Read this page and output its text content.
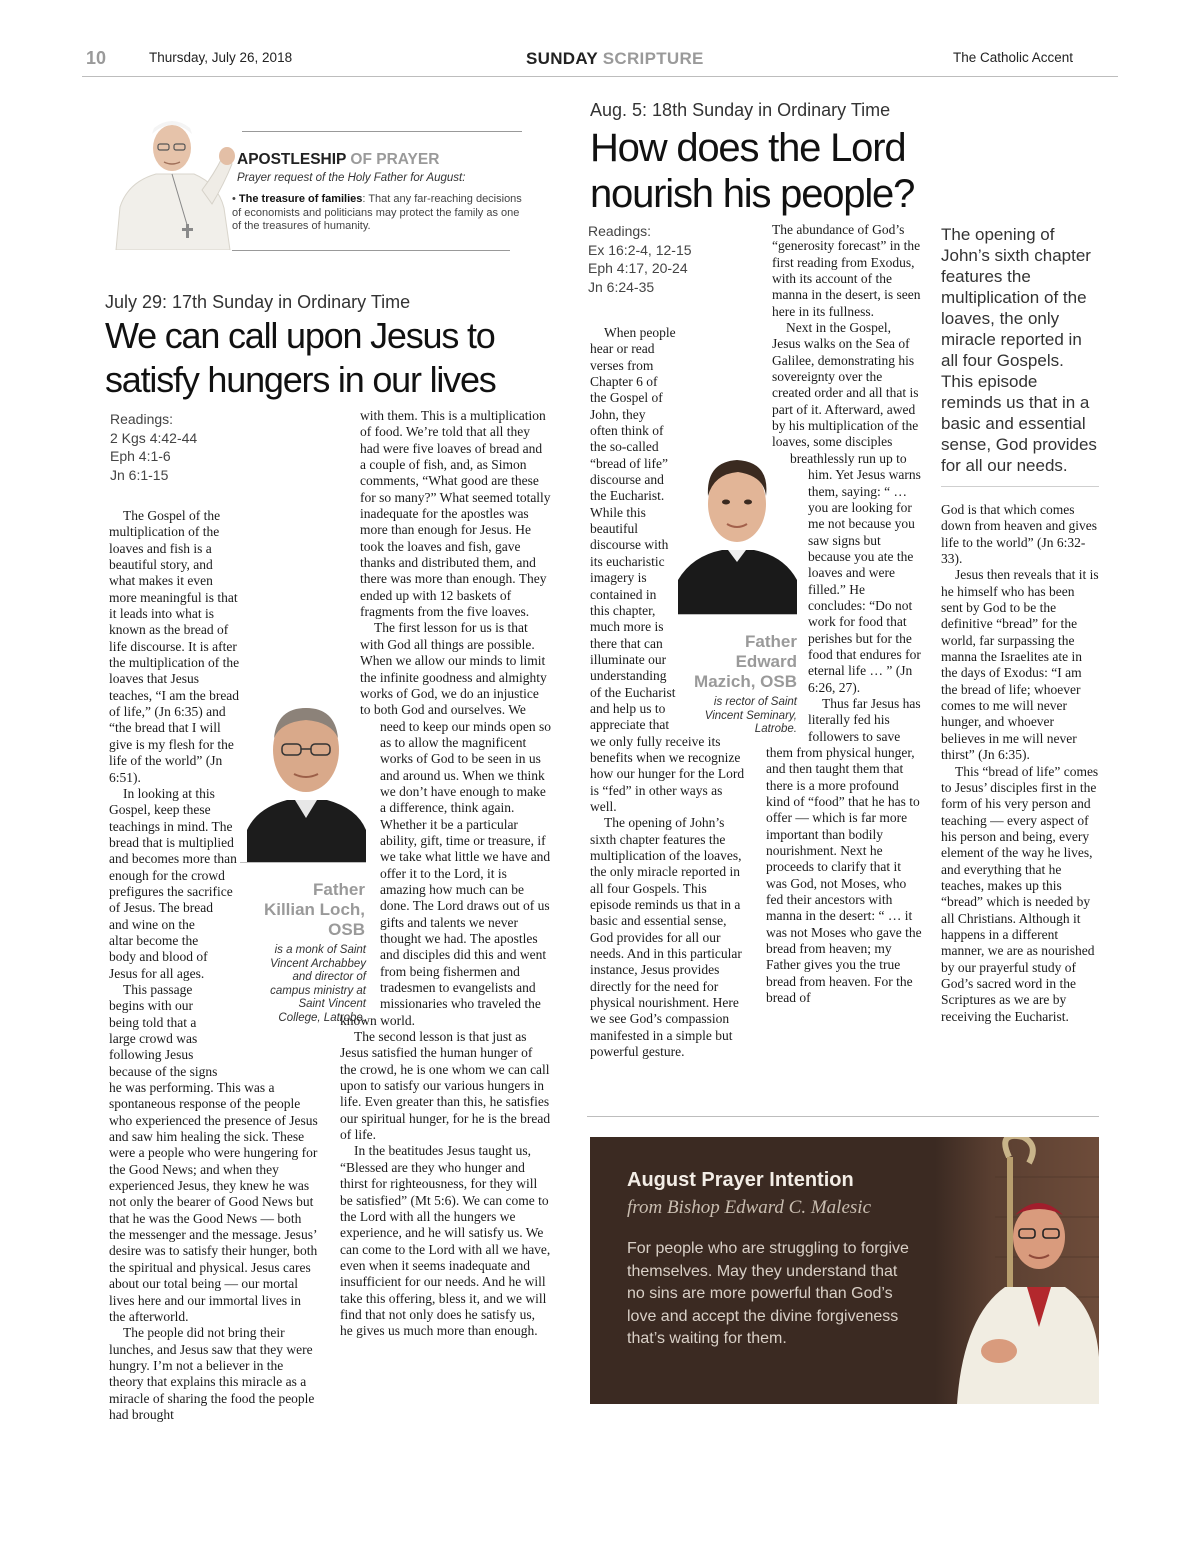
10	Thursday, July 26, 2018	SUNDAY SCRIPTURE	The Catholic Accent
APOSTLESHIP OF PRAYER
Prayer request of the Holy Father for August:
• The treasure of families: That any far-reaching decisions of economists and politicians may protect the family as one of the treasures of humanity.
July 29: 17th Sunday in Ordinary Time
We can call upon Jesus to
satisfy hungers in our lives
Readings:
2 Kgs 4:42-44
Eph 4:1-6
Jn 6:1-15
Father
Killian Loch,
OSB
is a monk of Saint
Vincent Archabbey
and director of
campus ministry at
Saint Vincent
College, Latrobe.

The Gospel of the multiplication of the loaves and fish is a beautiful story, and what makes it even more meaningful is that it leads into what is known as the bread of life discourse. It is after the multiplication of the loaves that Jesus teaches, “I am the bread of life,” (Jn 6:35) and “the bread that I will give is my flesh for the life of the world” (Jn 6:51).

In looking at this Gospel, keep these teachings in mind. The bread that is multiplied and becomes more than enough for the crowd prefigures the sacrifice of Jesus. The bread and wine on the altar become the body and blood of Jesus for all ages.

This passage begins with our being told that a large crowd was following Jesus because of the signs he was performing. This was a spontaneous response of the people who experienced the presence of Jesus and saw him healing the sick. These were a people who were hungering for the Good News; and when they experienced Jesus, they knew he was not only the bearer of Good News but that he was the Good News — both the messenger and the message. Jesus’ desire was to satisfy their hunger, both the spiritual and physical. Jesus cares about our total being — our mortal lives here and our immortal lives in the afterworld.

The people did not bring their lunches, and Jesus saw that they were hungry. I’m not a believer in the theory that explains this miracle as a miracle of sharing the food the people had brought

with them. This is a multiplication of food. We’re told that all they had were five loaves of bread and a couple of fish, and, as Simon comments, “What good are these for so many?” What seemed totally inadequate for the apostles was more than enough for Jesus. He took the loaves and fish, gave thanks and distributed them, and there was more than enough. They ended up with 12 baskets of fragments from the five loaves.

The first lesson for us is that with God all things are possible. When we allow our minds to limit the infinite goodness and almighty works of God, we do an injustice to both God and ourselves. We need to keep our minds open so as to allow the magnificent works of God to be seen in us and around us. When we think we don’t have enough to make a difference, think again. Whether it be a particular ability, gift, time or treasure, if we take what little we have and offer it to the Lord, it is amazing how much can be done. The Lord draws out of us gifts and talents we never thought we had. The apostles and disciples did this and went from being fishermen and tradesmen to evangelists and missionaries who traveled the known world.

The second lesson is that just as Jesus satisfied the human hunger of the crowd, he is one whom we can call upon to satisfy our various hungers in life. Even greater than this, he satisfies our spiritual hunger, for he is the bread of life.

In the beatitudes Jesus taught us, “Blessed are they who hunger and thirst for righteousness, for they will be satisfied” (Mt 5:6). We can come to the Lord with all the hungers we experience, and he will satisfy us. We can come to the Lord with all we have, even when it seems inadequate and insufficient for our needs. And he will take this offering, bless it, and we will find that not only does he satisfy us, he gives us much more than enough.

Aug. 5: 18th Sunday in Ordinary Time
How does the Lord
nourish his people?
Readings:
Ex 16:2-4, 12-15
Eph 4:17, 20-24
Jn 6:24-35
Father
Edward
Mazich, OSB
is rector of Saint
Vincent Seminary,
Latrobe.

When people hear or read verses from Chapter 6 of the Gospel of John, they often think of the so-called “bread of life” discourse and the Eucharist. While this beautiful discourse with its eucharistic imagery is contained in this chapter, much more is there that can illuminate our understanding of the Eucharist and help us to appreciate that we only fully receive its benefits when we recognize how our hunger for the Lord is “fed” in other ways as well.

The opening of John’s sixth chapter features the multiplication of the loaves, the only miracle reported in all four Gospels. This episode reminds us that in a basic and essential sense, God provides for all our needs. And in this particular instance, Jesus provides directly for the need for physical nourishment. Here we see God’s compassion manifested in a simple but powerful gesture.

The abundance of God’s “generosity forecast” in the first reading from Exodus, with its account of the manna in the desert, is seen here in its fullness.

Next in the Gospel, Jesus walks on the Sea of Galilee, demonstrating his sovereignty over the created order and all that is part of it. Afterward, awed by his multiplication of the loaves, some disciples breathlessly run up to him. Yet Jesus warns them, saying: “ … you are looking for me not because you saw signs but because you ate the loaves and were filled.” He concludes: “Do not work for food that perishes but for the food that endures for eternal life … ” (Jn 6:26, 27).

Thus far Jesus has literally fed his followers to save them from physical hunger, and then taught them that there is a more profound kind of “food” that he has to offer — which is far more important than bodily nourishment. Next he proceeds to clarify that it was God, not Moses, who fed their ancestors with manna in the desert: “ … it was not Moses who gave the bread from heaven; my Father gives you the true bread from heaven. For the bread of

The opening of John’s sixth chapter features the multiplication of the loaves, the only miracle reported in all four Gospels. This episode reminds us that in a basic and essential sense, God provides for all our needs.

God is that which comes down from heaven and gives life to the world” (Jn 6:32-33).

Jesus then reveals that it is he himself who has been sent by God to be the definitive “bread” for the world, far surpassing the manna the Israelites ate in the days of Exodus: “I am the bread of life; whoever comes to me will never hunger, and whoever believes in me will never thirst” (Jn 6:35).

This “bread of life” comes to Jesus’ disciples first in the form of his very person and teaching — every aspect of his person and being, every element of the way he lives, and everything that he teaches, makes up this “bread” which is needed by all Christians. Although it happens in a different manner, we are as nourished by our prayerful study of God’s sacred word in the Scriptures as we are by receiving the Eucharist.

August Prayer Intention
from Bishop Edward C. Malesic
For people who are struggling to forgive themselves. May they understand that no sins are more powerful than God’s love and accept the divine forgiveness that’s waiting for them.
